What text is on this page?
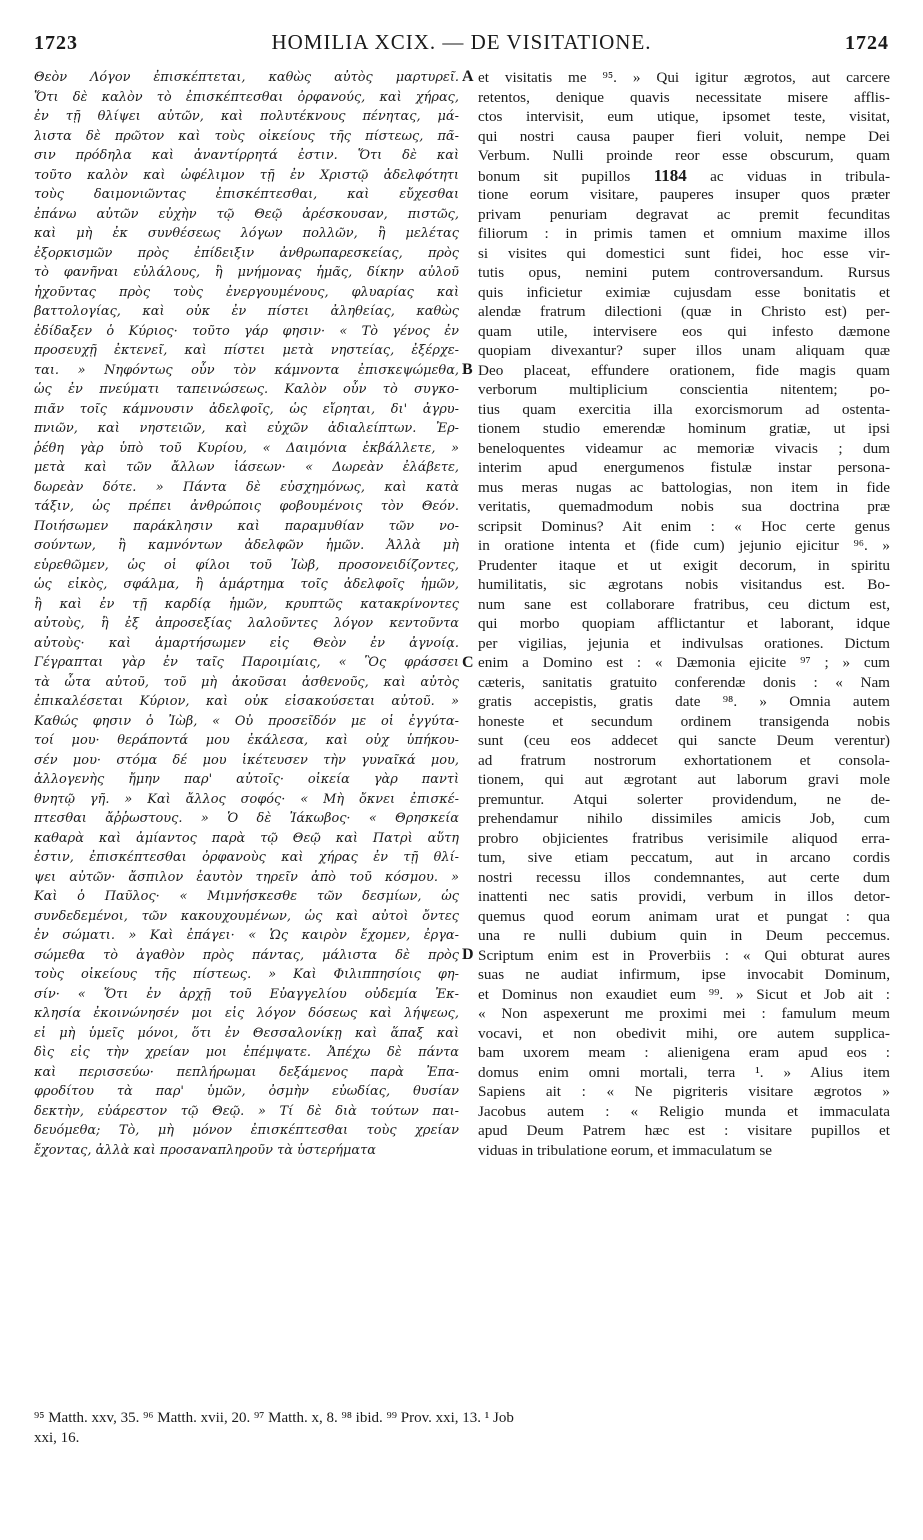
1723	HOMILIA XCIX. — DE VISITATIONE.	1724
Θεὸν Λόγον ἐπισκέπτεται, καθὼς αὐτὸς μαρτυρεῖ.
Ὅτι δὲ καλὸν τὸ ἐπισκέπτεσθαι ὀρφανούς, καὶ χήρας,
ἐν τῇ θλίψει αὐτῶν, καὶ πολυτέκνους πένητας, μά-
λιστα δὲ πρῶτον καὶ τοὺς οἰκείους τῆς πίστεως, πᾶ-
σιν πρόδηλα καὶ ἀναντίρρητά ἐστιν. Ὅτι δὲ καὶ
τοῦτο καλὸν καὶ ὠφέλιμον τῇ ἐν Χριστῷ ἀδελφότητι
τοὺς δαιμονιῶντας ἐπισκέπτεσθαι, καὶ εὔχεσθαι
ἐπάνω αὐτῶν εὐχὴν τῷ Θεῷ ἀρέσκουσαν, πιστῶς,
καὶ μὴ ἐκ συνθέσεως λόγων πολλῶν, ἢ μελέτας
ἐξορκισμῶν πρὸς ἐπίδειξιν ἀνθρωπαρεσκείας, πρὸς
τὸ φανῆναι εὐλάλους, ἢ μνήμονας ἡμᾶς, δίκην αὐλοῦ
ἠχοῦντας πρὸς τοὺς ἐνεργουμένους, φλυαρίας καὶ
βαττολογίας, καὶ οὐκ ἐν πίστει ἀληθείας, καθὼς
ἐδίδαξεν ὁ Κύριος· τοῦτο γάρ φησιν· « Τὸ γένος ἐν
προσευχῇ ἐκτενεῖ, καὶ πίστει μετὰ νηστείας, ἐξέρχε-
ται. » Νηφόντως οὖν τὸν κάμνοντα ἐπισκεψώμεθα,
ὡς ἐν πνεύματι ταπεινώσεως. Καλὸν οὖν τὸ συγκο-
πιᾶν τοῖς κάμνουσιν ἀδελφοῖς, ὡς εἴρηται, δι' ἀγρυ-
πνιῶν, καὶ νηστειῶν, καὶ εὐχῶν ἀδιαλείπτων. Ἐρ-
ῥέθη γὰρ ὑπὸ τοῦ Κυρίου, « Δαιμόνια ἐκβάλλετε, »
μετὰ καὶ τῶν ἄλλων ἰάσεων· « Δωρεὰν ἐλάβετε,
δωρεὰν δότε. » Πάντα δὲ εὐσχημόνως, καὶ κατὰ
τάξιν, ὡς πρέπει ἀνθρώποις φοβουμένοις τὸν Θεόν.
Ποιήσωμεν παράκλησιν καὶ παραμυθίαν τῶν νο-
σούντων, ἢ καμνόντων ἀδελφῶν ἡμῶν. Ἀλλὰ μὴ
εὑρεθῶμεν, ὡς οἱ φίλοι τοῦ Ἰὼβ, προσονειδίζοντες,
ὡς εἰκὸς, σφάλμα, ἢ ἁμάρτημα τοῖς ἀδελφοῖς ἡμῶν,
ἢ καὶ ἐν τῇ καρδίᾳ ἡμῶν, κρυπτῶς κατακρίνοντες
αὐτοὺς, ἢ ἐξ ἀπροσεξίας λαλοῦντες λόγον κεντοῦντα
αὐτοὺς· καὶ ἁμαρτήσωμεν εἰς Θεὸν ἐν ἀγνοίᾳ.
Γέγραπται γὰρ ἐν ταῖς Παροιμίαις, « Ὃς φράσσει
τὰ ὦτα αὐτοῦ, τοῦ μὴ ἀκοῦσαι ἀσθενοῦς, καὶ αὐτὸς
ἐπικαλέσεται Κύριον, καὶ οὐκ εἰσακούσεται αὐτοῦ. »
Καθώς φησιν ὁ Ἰὼβ, « Οὐ προσεῖδόν με οἱ ἐγγύτα-
τοί μου· θεράποντά μου ἐκάλεσα, καὶ οὐχ ὑπήκου-
σέν μου· στόμα δέ μου ἱκέτευσεν τὴν γυναῖκά μου,
ἀλλογενὴς ἤμην παρ' αὐτοῖς· οἰκεία γὰρ παντὶ
θνητῷ γῆ. » Καὶ ἄλλος σοφός· « Μὴ ὄκνει ἐπισκέ-
πτεσθαι ἄῤῥωστους. » Ὁ δὲ Ἰάκωβος· « Θρησκεία
καθαρὰ καὶ ἀμίαντος παρὰ τῷ Θεῷ καὶ Πατρὶ αὕτη
ἐστιν, ἐπισκέπτεσθαι ὀρφανοὺς καὶ χήρας ἐν τῇ θλί-
ψει αὐτῶν· ἄσπιλον ἑαυτὸν τηρεῖν ἀπὸ τοῦ κόσμου. »
Καὶ ὁ Παῦλος· « Μιμνήσκεσθε τῶν δεσμίων, ὡς
συνδεδεμένοι, τῶν κακουχουμένων, ὡς καὶ αὐτοὶ ὄντες
ἐν σώματι. » Καὶ ἐπάγει· « Ὡς καιρὸν ἔχομεν, ἐργα-
σώμεθα τὸ ἀγαθὸν πρὸς πάντας, μάλιστα δὲ πρὸς
τοὺς οἰκείους τῆς πίστεως. » Καὶ Φιλιππησίοις φη-
σίν· « Ὅτι ἐν ἀρχῇ τοῦ Εὐαγγελίου οὐδεμία Ἐκ-
κλησία ἐκοινώνησέν μοι εἰς λόγον δόσεως καὶ λήψεως,
εἰ μὴ ὑμεῖς μόνοι, ὅτι ἐν Θεσσαλονίκῃ καὶ ἅπαξ καὶ
δὶς εἰς τὴν χρείαν μοι ἐπέμψατε. Ἀπέχω δὲ πάντα
καὶ περισσεύω· πεπλήρωμαι δεξάμενος παρὰ Ἐπα-
φροδίτου τὰ παρ' ὑμῶν, ὀσμὴν εὐωδίας, θυσίαν
δεκτὴν, εὐάρεστον τῷ Θεῷ. » Τί δὲ διὰ τούτων παι-
δευόμεθα; Τὸ, μὴ μόνον ἐπισκέπτεσθαι τοὺς χρείαν
ἔχοντας, ἀλλὰ καὶ προσαναπληροῦν τὰ ὑστερήματα
et visitatis me ⁹⁵. » Qui igitur ægrotos, aut carcere
retentos, denique quavis necessitate misere afflis-
ctos intervisit, eum utique, ipsomet teste, visitat,
qui nostri causa pauper fieri voluit, nempe Dei
Verbum. Nulli proinde reor esse obscurum, quam
bonum sit pupillos 1184 ac viduas in tribula-
tione eorum visitare, pauperes insuper quos præter
privam penuriam degravat ac premit fecunditas
filiorum : in primis tamen et omnium maxime illos
si visites qui domestici sunt fidei, hoc esse vir-
tutis opus, nemini putem controversandum. Rursus
quis inficietur eximiæ cujusdam esse bonitatis et
alendæ fratrum dilectioni (quæ in Christo est) per-
quam utile, intervisere eos qui infesto dæmone
quopiam divexantur? super illos unam aliquam quæ
Deo placeat, effundere orationem, fide magis quam
verborum multiplicium conscientia nitentem; po-
tius quam exercitia illa exorcismorum ad ostenta-
tionem studio emerendæ hominum gratiæ, ut ipsi
beneloquentes videamur ac memoriæ vivacis ; dum
interim apud energumenos fistulæ instar persona-
mus meras nugas ac battologias, non item in fide
veritatis, quemadmodum nobis sua doctrina præ
scripsit Dominus? Ait enim : « Hoc certe genus
in oratione intenta et (fide cum) jejunio ejicitur ⁹⁶. »
Prudenter itaque et ut exigit decorum, in spiritu
humilitatis, sic ægrotans nobis visitandus est. Bo-
num sane est collaborare fratribus, ceu dictum est,
qui morbo quopiam afflictantur et laborant, idque
per vigilias, jejunia et indivulsas orationes. Dictum
enim a Domino est : « Dæmonia ejicite ⁹⁷ ; » cum
cæteris, sanitatis gratuito conferendæ donis : « Nam
gratis accepistis, gratis date ⁹⁸. » Omnia autem
honeste et secundum ordinem transigenda nobis
sunt (ceu eos addecet qui sancte Deum verentur)
ad fratrum nostrorum exhortationem et consola-
tionem, qui aut ægrotant aut laborum gravi mole
premuntur. Atqui solerter providendum, ne de-
prehendamur nihilo dissimiles amicis Job, cum
probro objicientes fratribus verisimile aliquod erra-
tum, sive etiam peccatum, aut in arcano cordis
nostri recessu illos condemnantes, aut certe dum
inattenti nec satis providi, verbum in illos detor-
quemus quod eorum animam urat et pungat : qua
una re nulli dubium quin in Deum peccemus.
Scriptum enim est in Proverbiis : « Qui obturat aures
suas ne audiat infirmum, ipse invocabit Dominum,
et Dominus non exaudiet eum ⁹⁹. » Sicut et Job ait :
« Non aspexerunt me proximi mei : famulum meum
vocavi, et non obedivit mihi, ore autem supplica-
bam uxorem meam : alienigena eram apud eos :
domus enim omni mortali, terra ¹. » Alius item
Sapiens ait : « Ne pigriteris visitare ægrotos »
Jacobus autem : « Religio munda et immaculata
apud Deum Patrem hæc est : visitare pupillos et
viduas in tribulatione eorum, et immaculatum se
A
B
C
D
⁹⁵ Matth. xxv, 35. ⁹⁶ Matth. xvii, 20. ⁹⁷ Matth. x, 8. ⁹⁸ ibid. ⁹⁹ Prov. xxi, 13. ¹ Job
xxi, 16.
